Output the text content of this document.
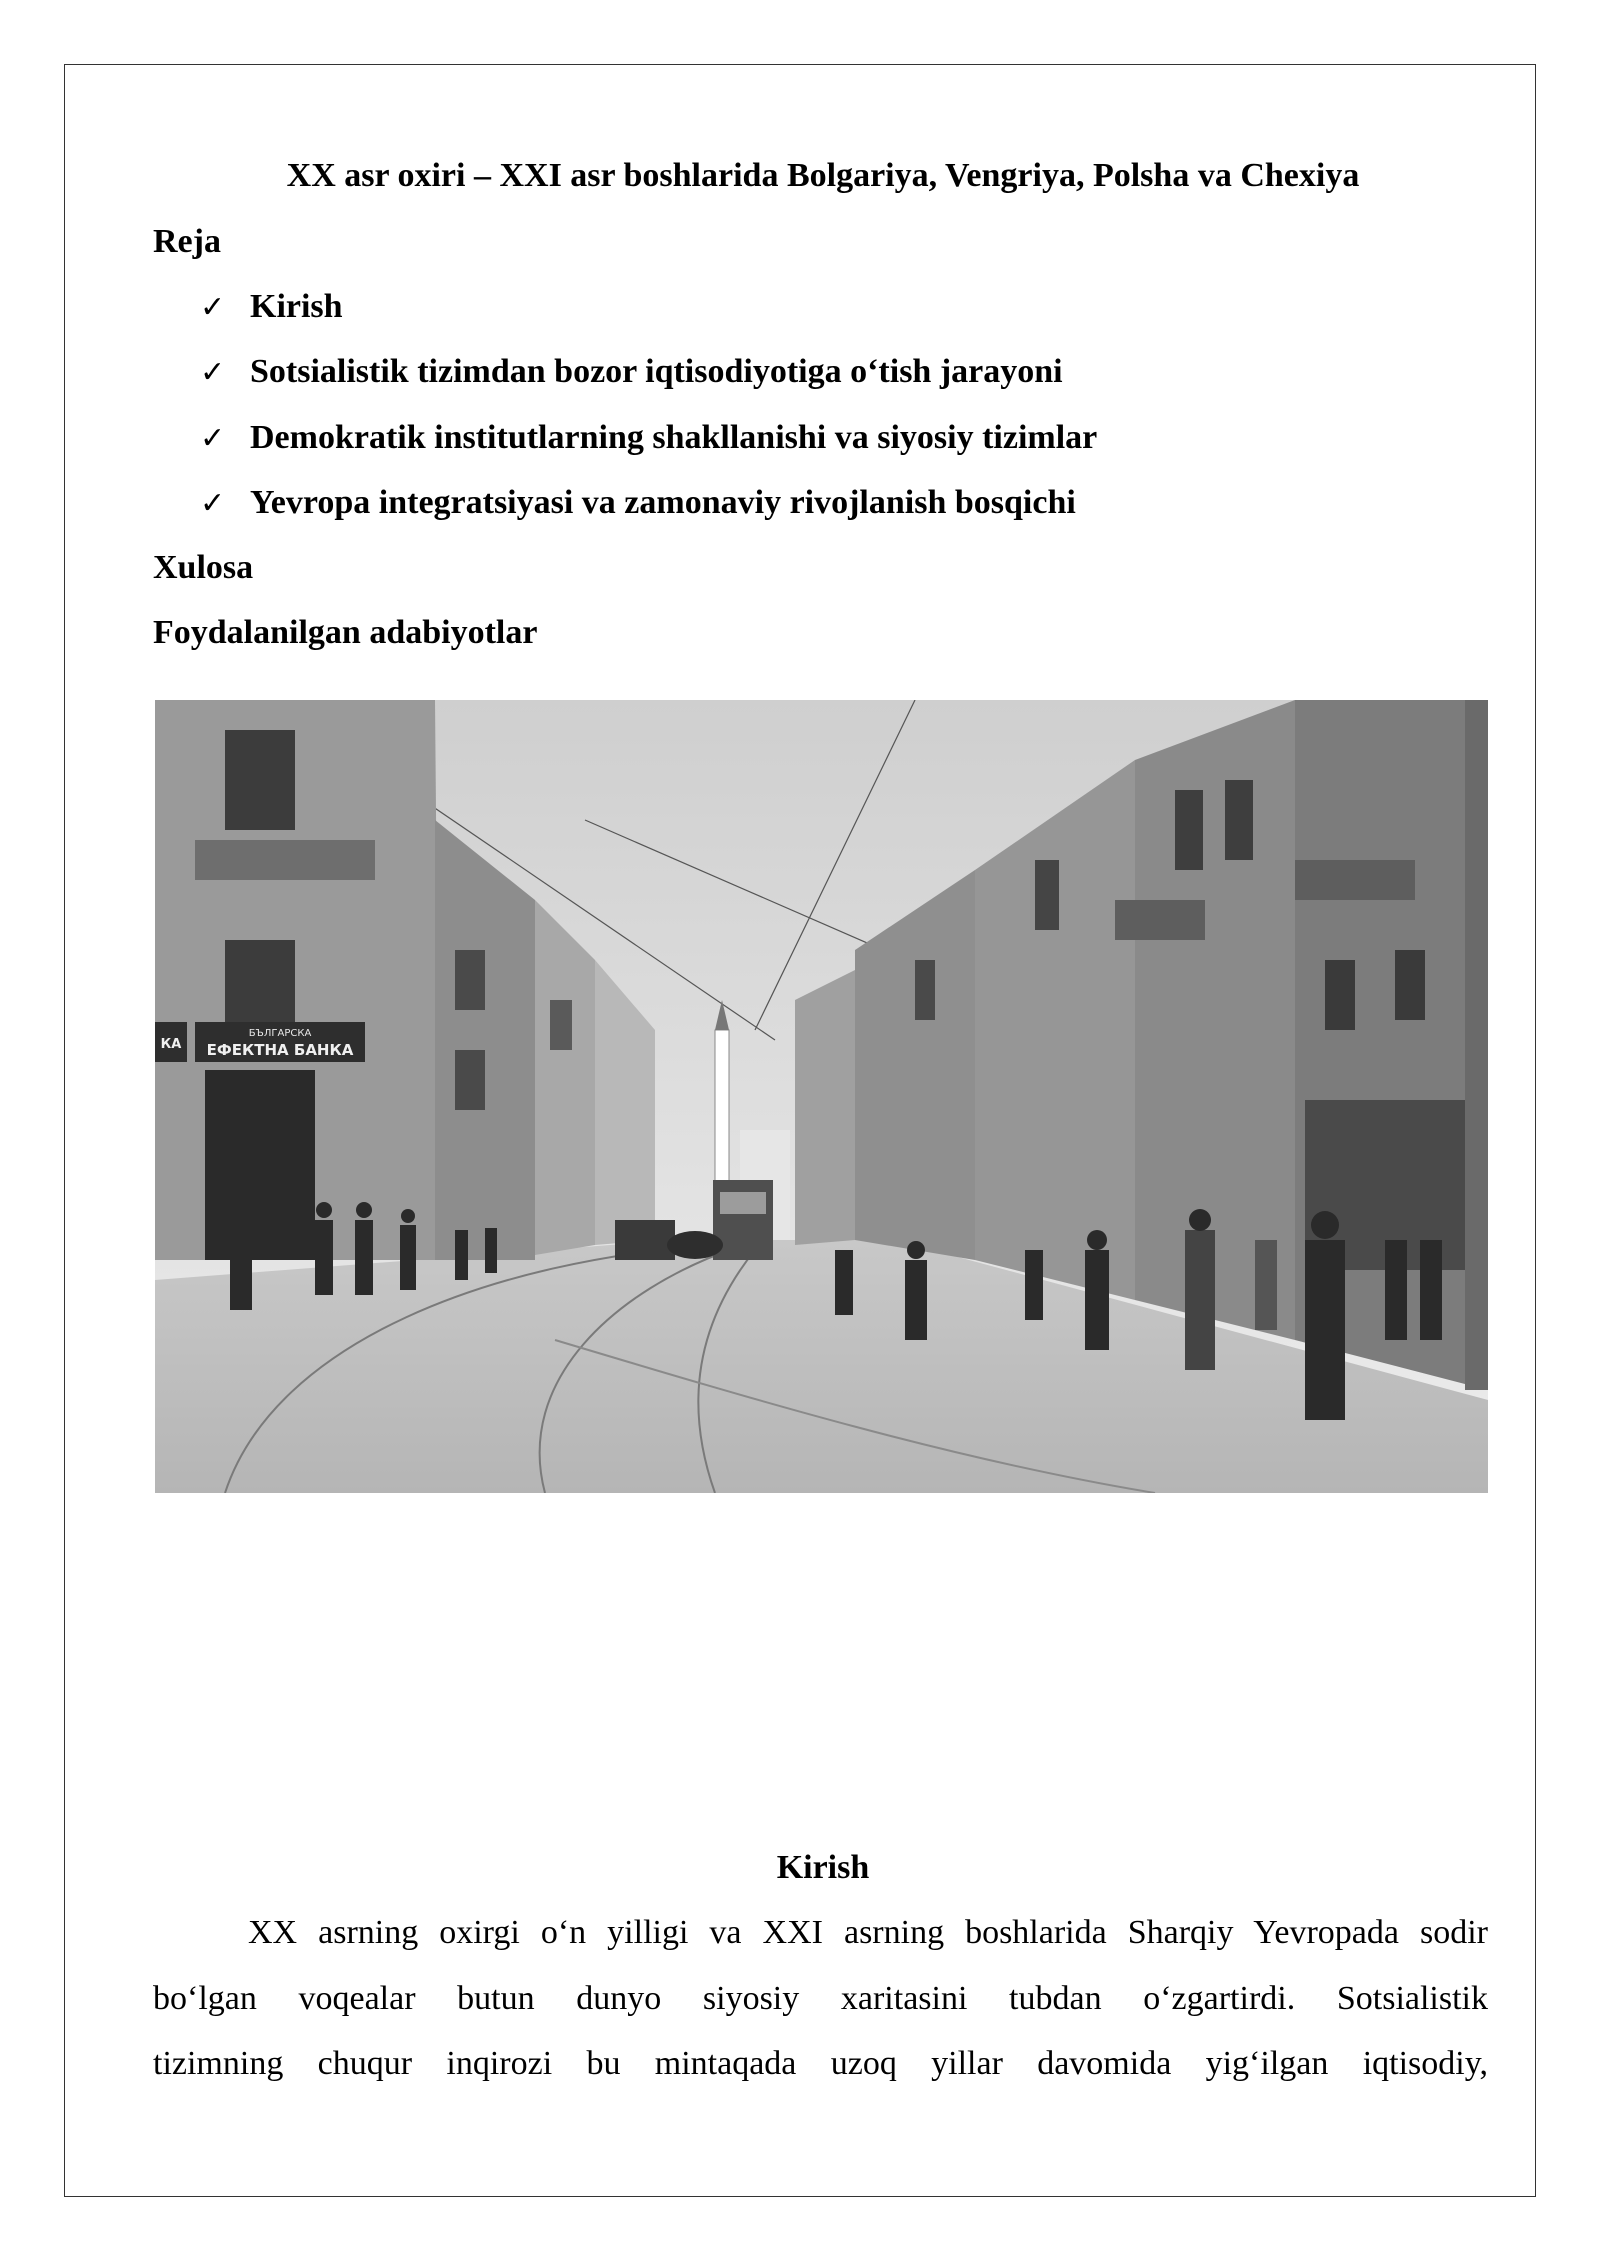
XX asr oxiri – XXI asr boshlarida Bolgariya, Vengriya, Polsha va Chexiya
Reja
✓ Kirish
✓ Sotsialistik tizimdan bozor iqtisodiyotiga o‘tish jarayoni
✓ Demokratik institutlarning shakllanishi va siyosiy tizimlar
✓ Yevropa integratsiyasi va zamonaviy rivojlanish bosqichi
Xulosa
Foydalanilgan adabiyotlar
БЪЛГАРСКА
ЕФЕКТНА БАНКА
КА
Kirish
XX asrning oxirgi o‘n yilligi va XXI asrning boshlarida Sharqiy Yevropada sodir
bo‘lgan voqealar butun dunyo siyosiy xaritasini tubdan o‘zgartirdi. Sotsialistik
tizimning chuqur inqirozi bu mintaqada uzoq yillar davomida yig‘ilgan iqtisodiy,
